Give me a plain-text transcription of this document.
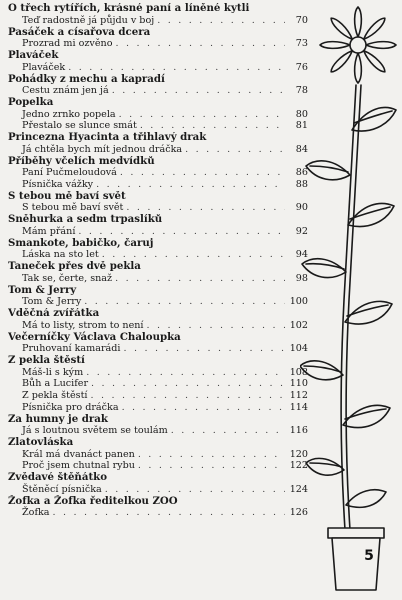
O třech rytířích, krásné paní a líněné kytli
Teď radostně já půjdu v boj . . .	70
Pasáček a císařova dcera
Prozrad mi ozvěno . . .	73
Plaváček
Plaváček . . .	76
Pohádky z mechu a kapradí
Cestu znám jen já . . .	78
Popelka
Jedno zrnko popela . . .	80
Přestalo se slunce smát . . .	81
Princezna Hyacinta a třihlavý drak
Já chtěla bych mít jednou dráčka . . .	84
Příběhy včelích medvídků
Paní Pučmeloudová . . .	86
Písnička vážky . . .	88
S tebou mě baví svět
S tebou mě baví svět . . .	90
Sněhurka a sedm trpaslíků
Mám přání . . .	92
Šmankote, babičko, čaruj
Láska na sto let . . .	94
Taneček přes dvě pekla
Tak se, čerte, snaž . . .	98
Tom & Jerry
Tom & Jerry . . .	100
Vděčná zvířátka
Má to listy, strom to není . . .	102
Večerníčky Václava Chaloupka
Pruhovaní kamarádi . . .	104
Z pekla štěstí
Máš-li s kým . . .	108
Bůh a Lucifer . . .	110
Z pekla štěstí . . .	112
Písnička pro dráčka . . .	114
Za humny je drak
Já s loutnou světem se toulám . . .	116
Zlatovláska
Král má dvanáct panen . . .	120
Proč jsem chutnal rybu . . .	122
Zvědavé štěňátko
Štěněcí písnička . . .	124
Žofka a Žofka ředitelkou ZOO
Žofka . . .	126
5
